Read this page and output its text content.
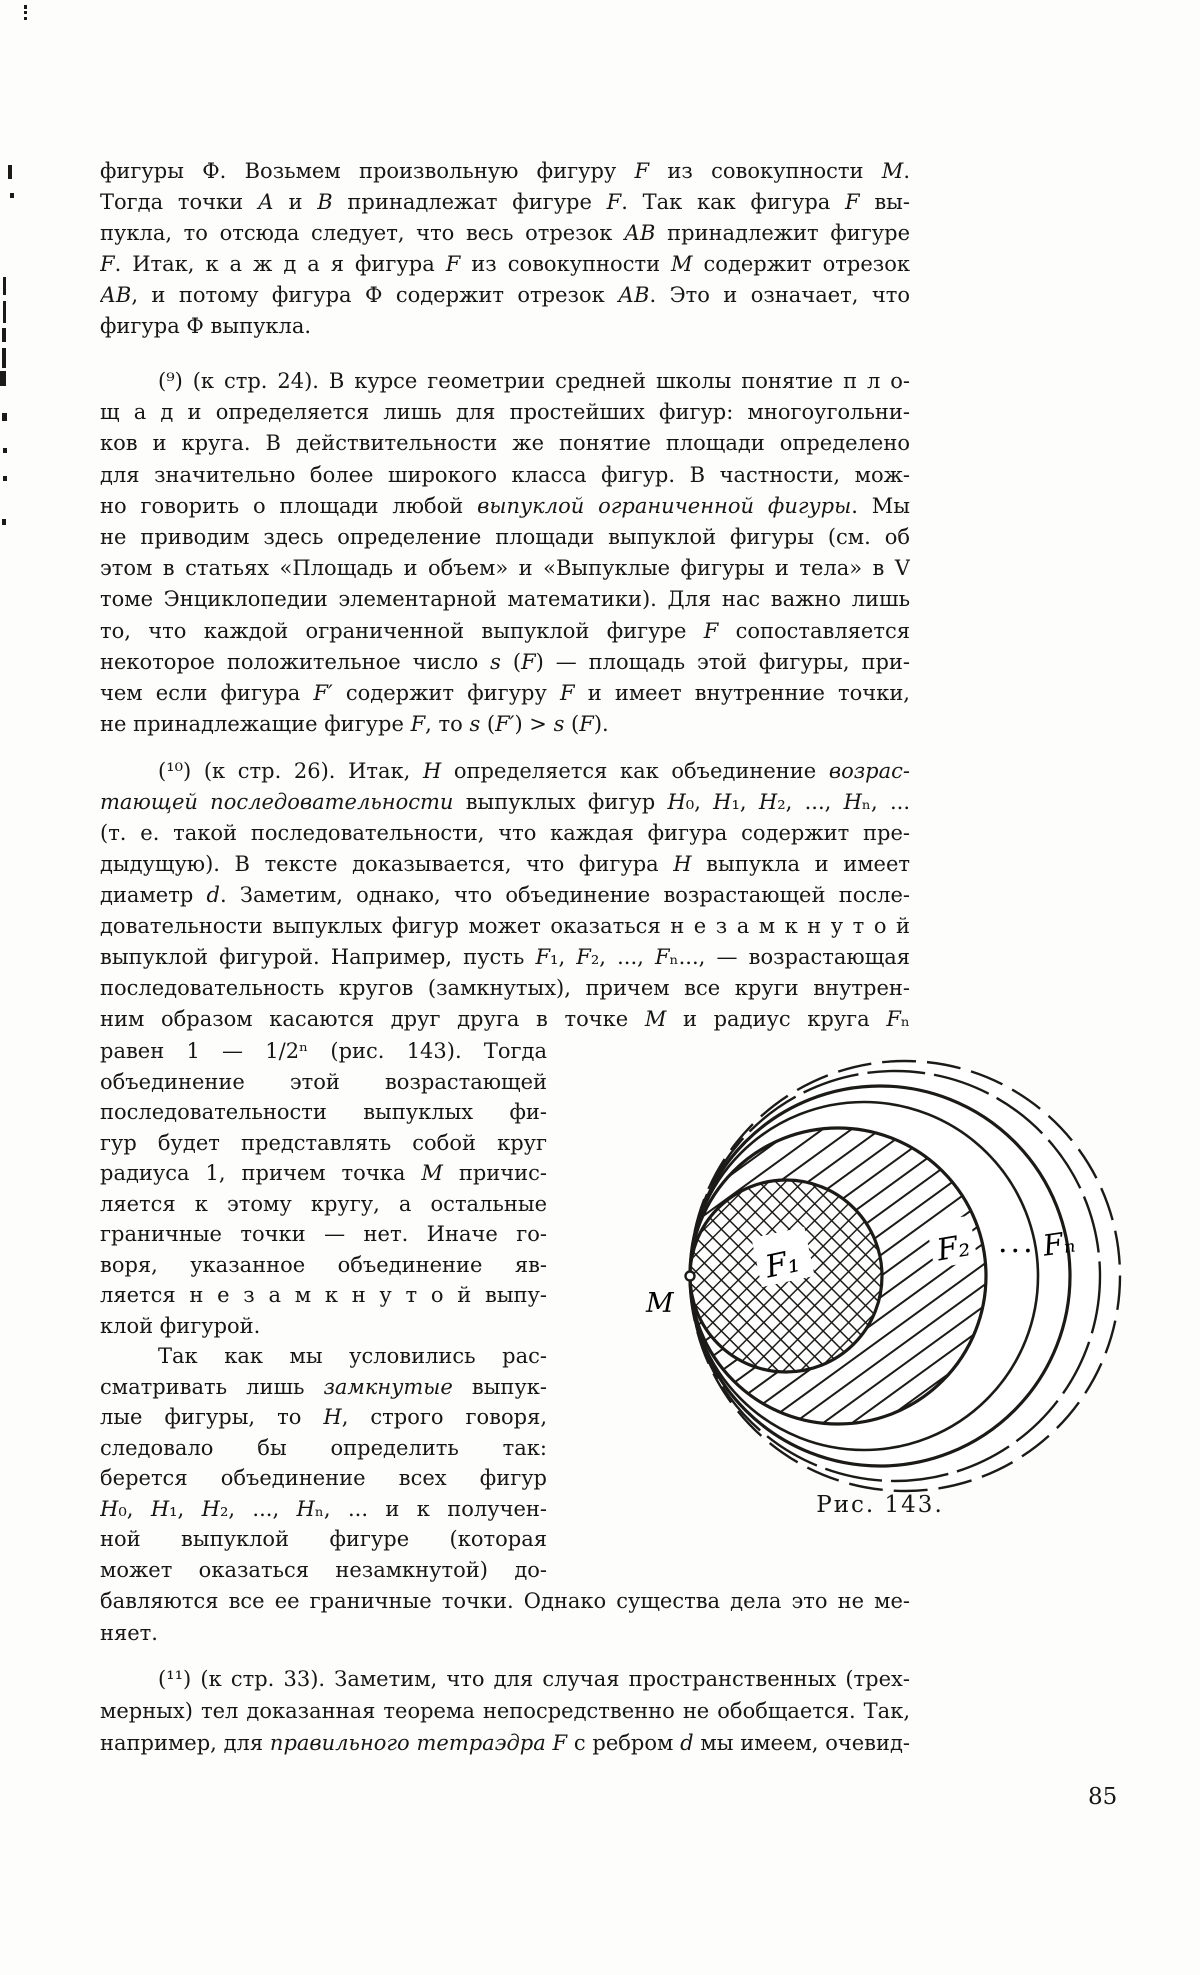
фигуры Ф. Возьмем произвольную фигуру F из совокупности М.
Тогда точки А и В принадлежат фигуре F. Так как фигура F вы-
пукла, то отсюда следует, что весь отрезок АВ принадлежит фигуре
F. Итак, к а ж д а я фигура F из совокупности М содержит отрезок
АВ, и потому фигура Ф содержит отрезок АВ. Это и означает, что
фигура Ф выпукла.
(⁹) (к стр. 24). В курсе геометрии средней школы понятие п л о-
щ а д и определяется лишь для простейших фигур: многоугольни-
ков и круга. В действительности же понятие площади определено
для значительно более широкого класса фигур. В частности, мож-
но говорить о площади любой выпуклой ограниченной фигуры. Мы
не приводим здесь определение площади выпуклой фигуры (см. об
этом в статьях «Площадь и объем» и «Выпуклые фигуры и тела» в V
томе Энциклопедии элементарной математики). Для нас важно лишь
то, что каждой ограниченной выпуклой фигуре F сопоставляется
некоторое положительное число s (F) — площадь этой фигуры, при-
чем если фигура F′ содержит фигуру F и имеет внутренние точки,
не принадлежащие фигуре F, то s (F′) > s (F).
(¹⁰) (к стр. 26). Итак, Н определяется как объединение возрас-
тающей последовательности выпуклых фигур Н₀, Н₁, Н₂, ..., Нₙ, ...
(т. е. такой последовательности, что каждая фигура содержит пре-
дыдущую). В тексте доказывается, что фигура Н выпукла и имеет
диаметр d. Заметим, однако, что объединение возрастающей после-
довательности выпуклых фигур может оказаться н е з а м к н у т о й
выпуклой фигурой. Например, пусть F₁, F₂, ..., Fₙ..., — возрастающая
последовательность кругов (замкнутых), причем все круги внутрен-
ним образом касаются друг друга в точке М и радиус круга Fₙ
равен 1 — 1/2ⁿ (рис. 143). Тогда
объединение этой возрастающей
последовательности выпуклых фи-
гур будет представлять собой круг
радиуса 1, причем точка М причис-
ляется к этому кругу, а остальные
граничные точки — нет. Иначе го-
воря, указанное объединение яв-
ляется н е з а м к н у т о й выпу-
клой фигурой.
Так как мы условились рас-
сматривать лишь замкнутые выпук-
лые фигуры, то Н, строго говоря,
следовало бы определить так:
берется объединение всех фигур
Н₀, Н₁, Н₂, ..., Нₙ, ... и к получен-
ной выпуклой фигуре (которая
может оказаться незамкнутой) до-
F₁	F₂ ... Fₙ
М
Рис. 143.
бавляются все ее граничные точки. Однако существа дела это не ме-
няет.
(¹¹) (к стр. 33). Заметим, что для случая пространственных (трех-
мерных) тел доказанная теорема непосредственно не обобщается. Так,
например, для правильного тетраэдра F с ребром d мы имеем, очевид-
85
